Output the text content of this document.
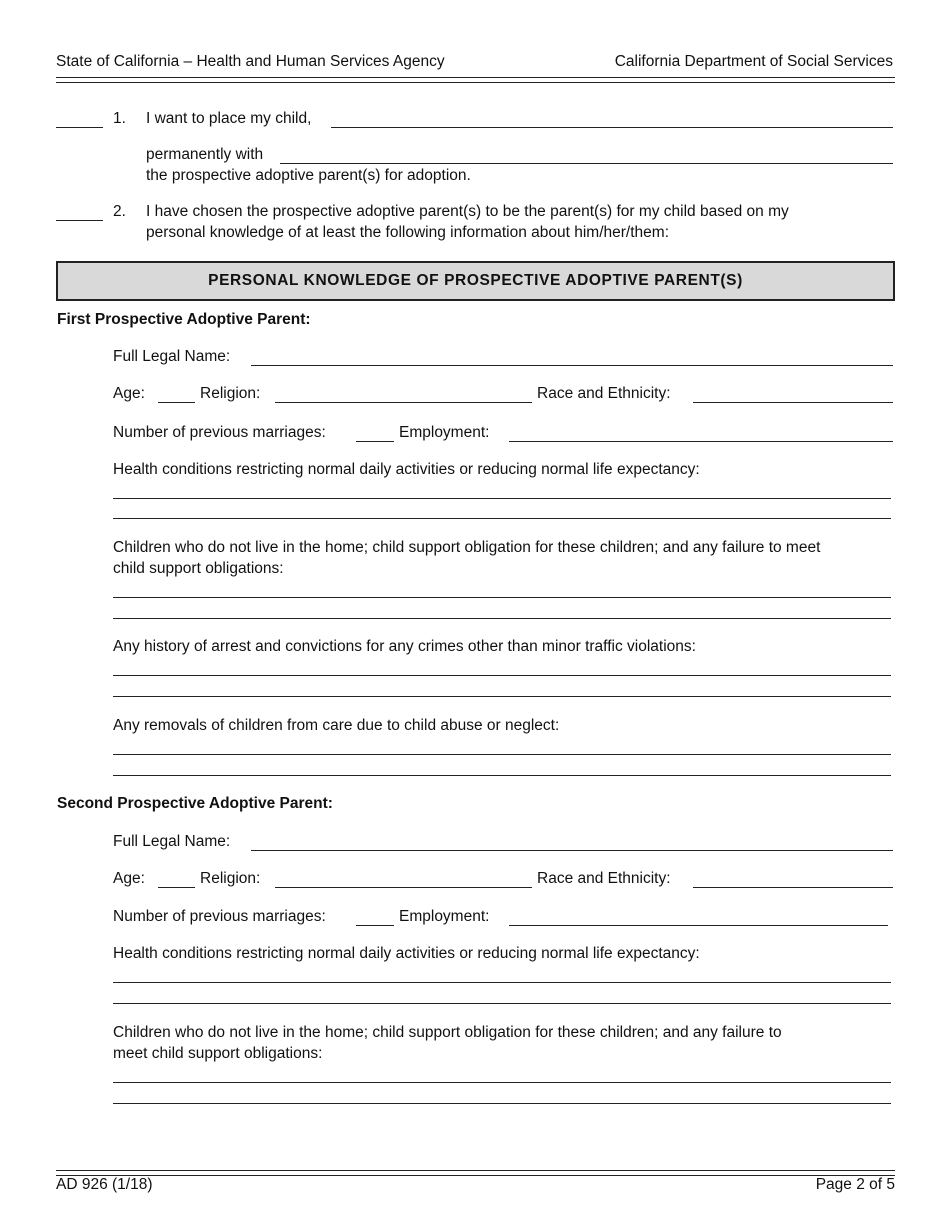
State of California – Health and Human Services Agency	California Department of Social Services
1. I want to place my child,
permanently with
the prospective adoptive parent(s) for adoption.
2. I have chosen the prospective adoptive parent(s) to be the parent(s) for my child based on my
personal knowledge of at least the following information about him/her/them:
PERSONAL KNOWLEDGE OF PROSPECTIVE ADOPTIVE PARENT(S)
First Prospective Adoptive Parent:
Full Legal Name:
Age:	Religion:	Race and Ethnicity:
Number of previous marriages:	Employment:
Health conditions restricting normal daily activities or reducing normal life expectancy:
Children who do not live in the home; child support obligation for these children; and any failure to meet
child support obligations:
Any history of arrest and convictions for any crimes other than minor traffic violations:
Any removals of children from care due to child abuse or neglect:
Second Prospective Adoptive Parent:
Full Legal Name:
Age:	Religion:	Race and Ethnicity:
Number of previous marriages:	Employment:
Health conditions restricting normal daily activities or reducing normal life expectancy:
Children who do not live in the home; child support obligation for these children; and any failure to
meet child support obligations:
AD 926 (1/18)	Page 2 of 5
